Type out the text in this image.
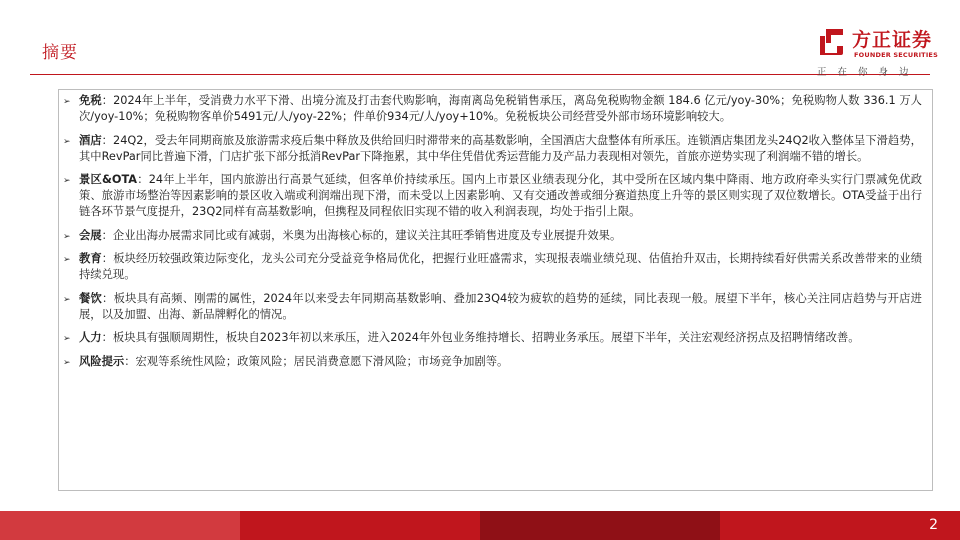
摘要
方正证券
FOUNDER SECURITIES
正在你身边
➢ 免税：2024年上半年，受消费力水平下滑、出境分流及打击套代购影响，海南离岛免税销售承压，离岛免税购物金额 184.6 亿元/yoy-30%；免税购物人数 336.1 万人次/yoy-10%；免税购物客单价5491元/人/yoy-22%；件单价934元/人/yoy+10%。免税板块公司经营受外部市场环境影响较大。
➢ 酒店：24Q2，受去年同期商旅及旅游需求疫后集中释放及供给回归时滞带来的高基数影响，全国酒店大盘整体有所承压。连锁酒店集团龙头24Q2收入整体呈下滑趋势，其中RevPar同比普遍下滑，门店扩张下部分抵消RevPar下降拖累，其中华住凭借优秀运营能力及产品力表现相对领先，首旅亦逆势实现了利润端不错的增长。
➢ 景区&OTA：24年上半年，国内旅游出行高景气延续，但客单价持续承压。国内上市景区业绩表现分化，其中受所在区域内集中降雨、地方政府牵头实行门票减免优政策、旅游市场整治等因素影响的景区收入端或利润端出现下滑，而未受以上因素影响、又有交通改善或细分赛道热度上升等的景区则实现了双位数增长。OTA受益于出行链各环节景气度提升，23Q2同样有高基数影响，但携程及同程依旧实现不错的收入利润表现，均处于指引上限。
➢ 会展：企业出海办展需求同比或有减弱，米奥为出海核心标的，建议关注其旺季销售进度及专业展提升效果。
➢ 教育：板块经历较强政策边际变化，龙头公司充分受益竞争格局优化，把握行业旺盛需求，实现报表端业绩兑现、估值抬升双击，长期持续看好供需关系改善带来的业绩持续兑现。
➢ 餐饮：板块具有高频、刚需的属性，2024年以来受去年同期高基数影响、叠加23Q4较为疲软的趋势的延续，同比表现一般。展望下半年，核心关注同店趋势与开店进展，以及加盟、出海、新品牌孵化的情况。
➢ 人力：板块具有强顺周期性，板块自2023年初以来承压，进入2024年外包业务维持增长、招聘业务承压。展望下半年，关注宏观经济拐点及招聘情绪改善。
➢ 风险提示：宏观等系统性风险；政策风险；居民消费意愿下滑风险；市场竞争加剧等。
2
